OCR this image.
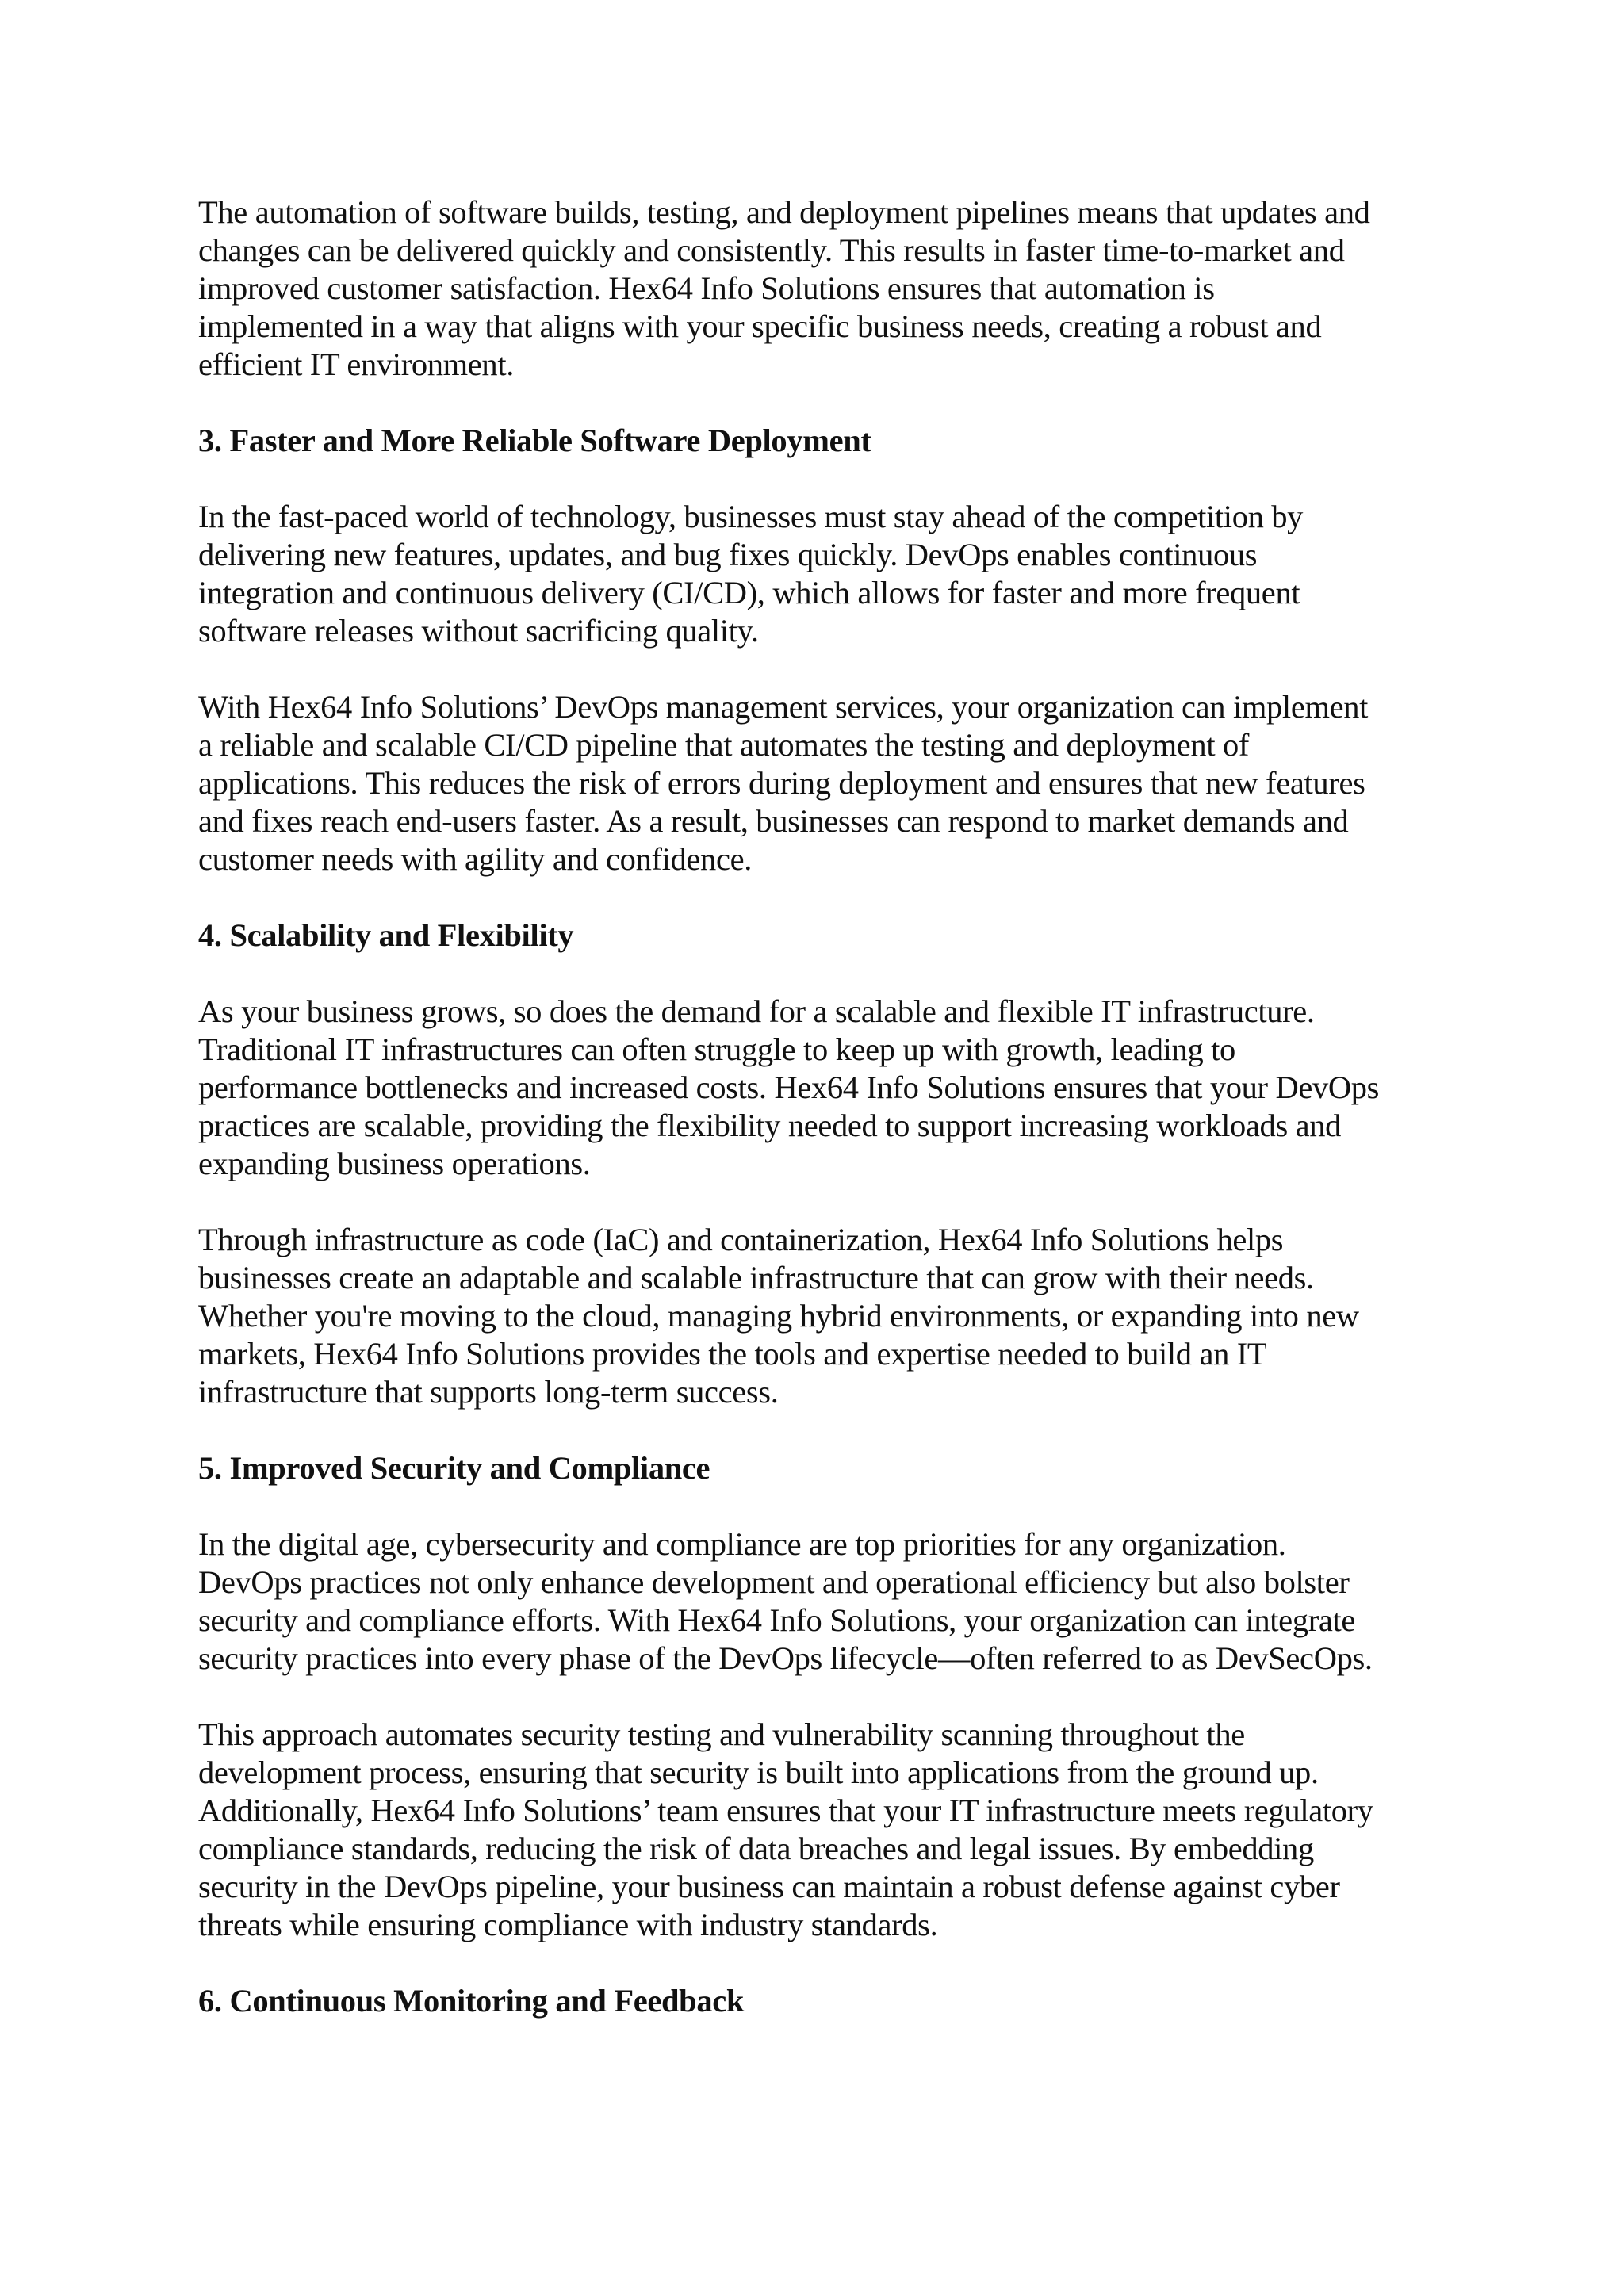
The automation of software builds, testing, and deployment pipelines means that updates and
changes can be delivered quickly and consistently. This results in faster time-to-market and
improved customer satisfaction. Hex64 Info Solutions ensures that automation is
implemented in a way that aligns with your specific business needs, creating a robust and
efficient IT environment.

3. Faster and More Reliable Software Deployment

In the fast-paced world of technology, businesses must stay ahead of the competition by
delivering new features, updates, and bug fixes quickly. DevOps enables continuous
integration and continuous delivery (CI/CD), which allows for faster and more frequent
software releases without sacrificing quality.

With Hex64 Info Solutions’ DevOps management services, your organization can implement
a reliable and scalable CI/CD pipeline that automates the testing and deployment of
applications. This reduces the risk of errors during deployment and ensures that new features
and fixes reach end-users faster. As a result, businesses can respond to market demands and
customer needs with agility and confidence.

4. Scalability and Flexibility

As your business grows, so does the demand for a scalable and flexible IT infrastructure.
Traditional IT infrastructures can often struggle to keep up with growth, leading to
performance bottlenecks and increased costs. Hex64 Info Solutions ensures that your DevOps
practices are scalable, providing the flexibility needed to support increasing workloads and
expanding business operations.

Through infrastructure as code (IaC) and containerization, Hex64 Info Solutions helps
businesses create an adaptable and scalable infrastructure that can grow with their needs.
Whether you're moving to the cloud, managing hybrid environments, or expanding into new
markets, Hex64 Info Solutions provides the tools and expertise needed to build an IT
infrastructure that supports long-term success.

5. Improved Security and Compliance

In the digital age, cybersecurity and compliance are top priorities for any organization.
DevOps practices not only enhance development and operational efficiency but also bolster
security and compliance efforts. With Hex64 Info Solutions, your organization can integrate
security practices into every phase of the DevOps lifecycle—often referred to as DevSecOps.

This approach automates security testing and vulnerability scanning throughout the
development process, ensuring that security is built into applications from the ground up.
Additionally, Hex64 Info Solutions’ team ensures that your IT infrastructure meets regulatory
compliance standards, reducing the risk of data breaches and legal issues. By embedding
security in the DevOps pipeline, your business can maintain a robust defense against cyber
threats while ensuring compliance with industry standards.

6. Continuous Monitoring and Feedback
